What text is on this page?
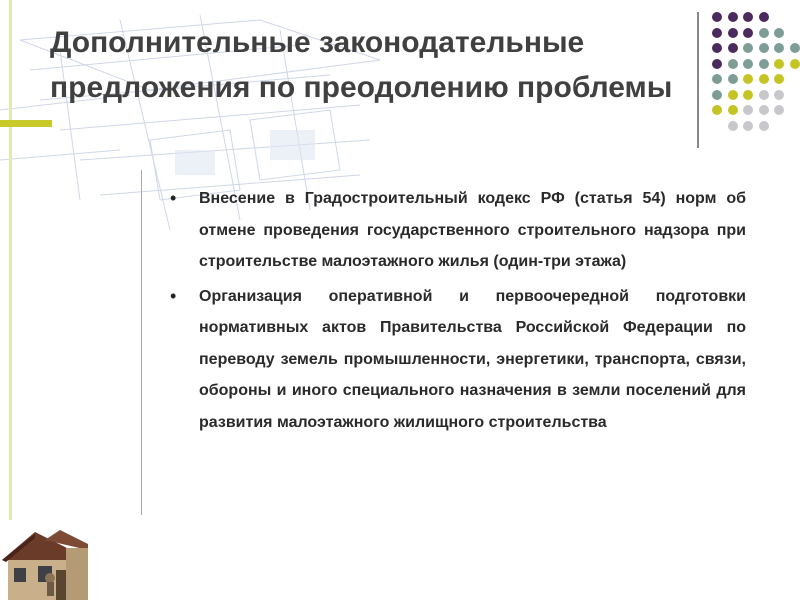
Дополнительные законодательные предложения по преодолению проблемы
• Внесение в Градостроительный кодекс РФ (статья 54) норм об отмене проведения государственного строительного надзора при строительстве малоэтажного жилья (один-три этажа)
• Организация оперативной и первоочередной подготовки нормативных актов Правительства Российской Федерации по переводу земель промышленности, энергетики, транспорта, связи, обороны и иного специального назначения в земли поселений для развития малоэтажного жилищного строительства
